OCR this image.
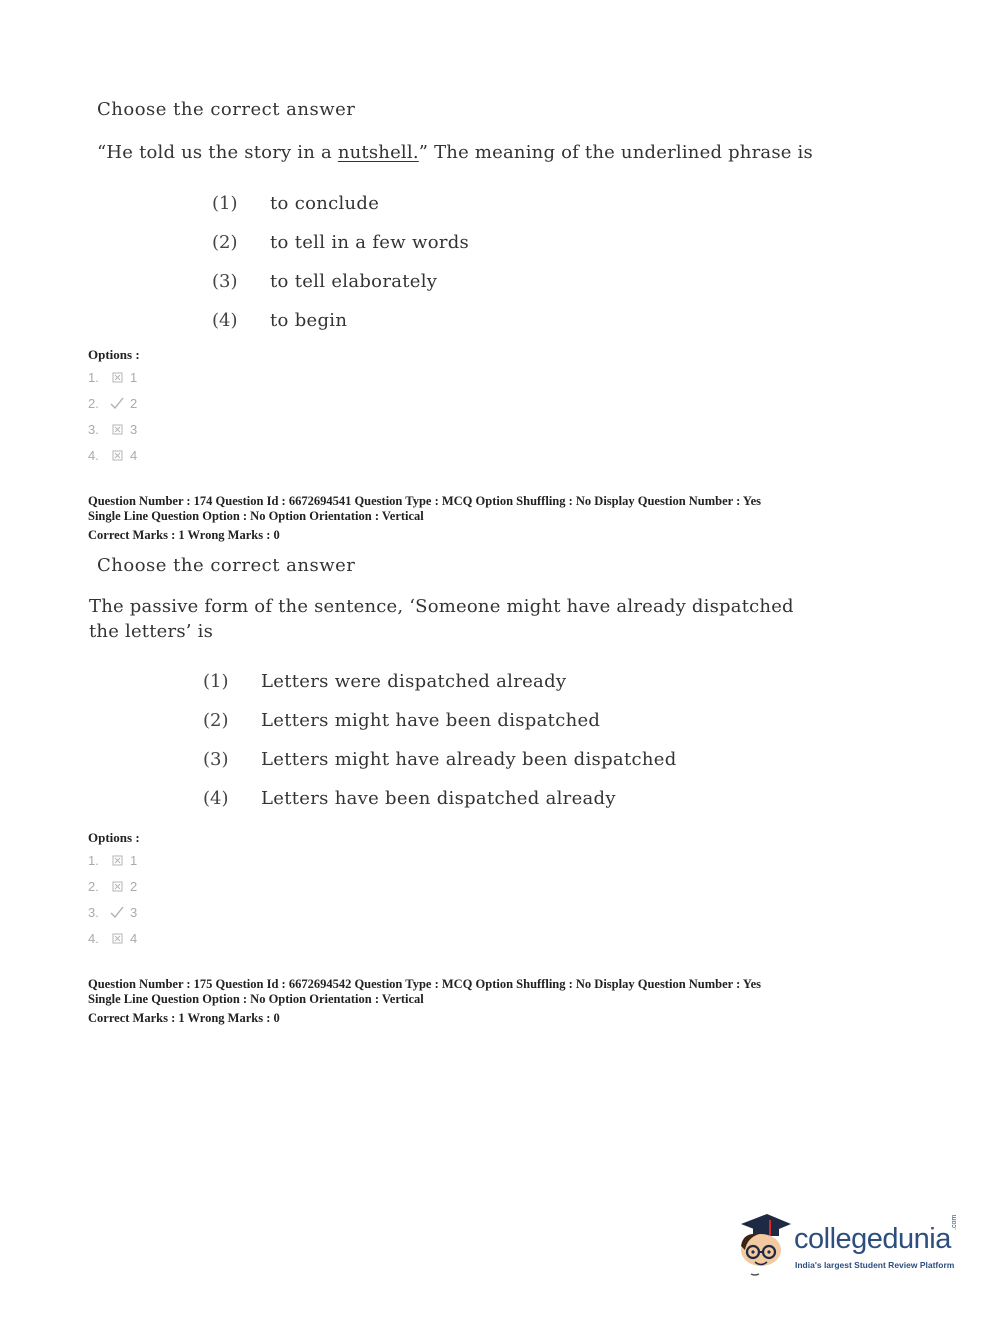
Choose the correct answer
“He told us the story in a nutshell.” The meaning of the underlined phrase is
(1)	to conclude
(2)	to tell in a few words
(3)	to tell elaborately
(4)	to begin
Options :
1. ☒ 1
2.	2
3. ☒ 3
4. ☒ 4
Question Number : 174 Question Id : 6672694541 Question Type : MCQ Option Shuffling : No Display Question Number : Yes
Single Line Question Option : No Option Orientation : Vertical
Correct Marks : 1 Wrong Marks : 0
Choose the correct answer
The passive form of the sentence, ‘Someone might have already dispatched
the letters’ is
(1)	Letters were dispatched already
(2)	Letters might have been dispatched
(3)	Letters might have already been dispatched
(4)	Letters have been dispatched already
Options :
1. ☒ 1
2. ☒ 2
3.	3
4. ☒ 4
Question Number : 175 Question Id : 6672694542 Question Type : MCQ Option Shuffling : No Display Question Number : Yes
Single Line Question Option : No Option Orientation : Vertical
Correct Marks : 1 Wrong Marks : 0
collegedunia
.com
India's largest Student Review Platform
